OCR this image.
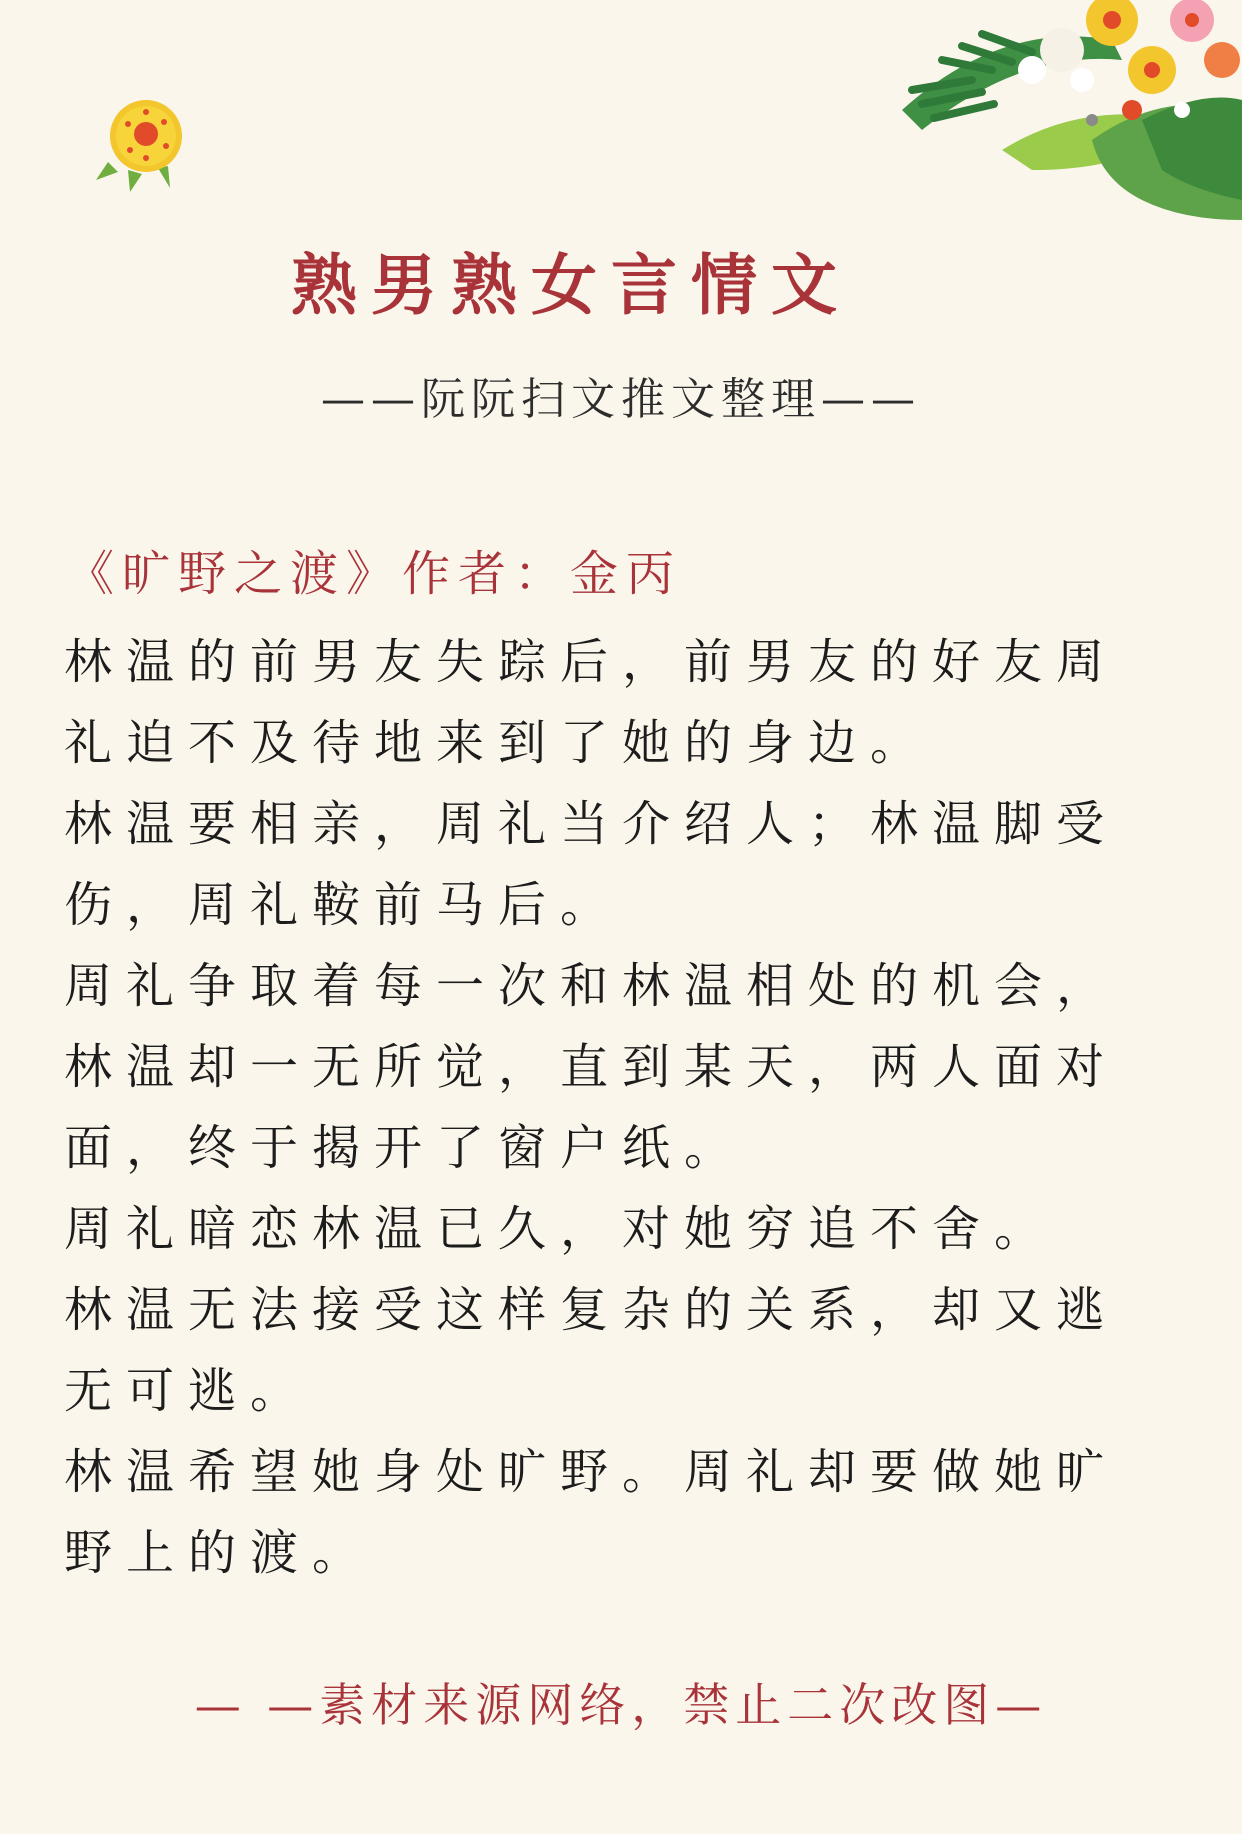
熟男熟女言情文
——阮阮扫文推文整理——
《旷野之渡》作者：金丙

林温的前男友失踪后，前男友的好友周礼迫不及待地来到了她的身边。

林温要相亲，周礼当介绍人；林温脚受伤，周礼鞍前马后。

周礼争取着每一次和林温相处的机会，林温却一无所觉，直到某天，两人面对面，终于揭开了窗户纸。

周礼暗恋林温已久，对她穷追不舍。

林温无法接受这样复杂的关系，却又逃无可逃。

林温希望她身处旷野。周礼却要做她旷野上的渡。

— —素材来源网络，禁止二次改图—
